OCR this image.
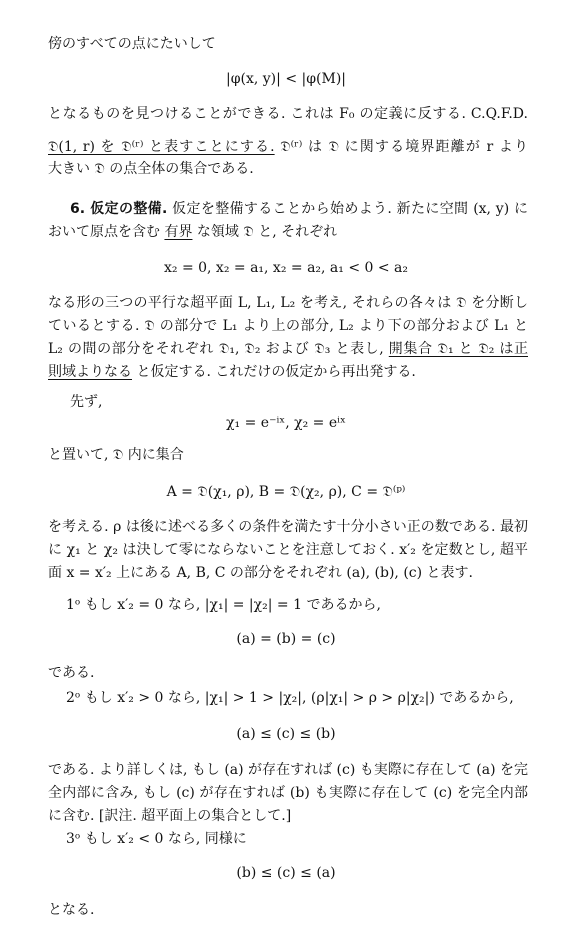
傍のすべての点にたいして
|φ(x, y)| < |φ(M)|
となるものを見つけることができる. これは F₀ の定義に反する. C.Q.F.D.
𝔇(1, r) を 𝔇⁽ʳ⁾ と表すことにする. 𝔇⁽ʳ⁾ は 𝔇 に関する境界距離が r より
大きい 𝔇 の点全体の集合である.
6. 仮定の整備. 仮定を整備することから始めよう. 新たに空間 (x, y) に
おいて原点を含む 有界 な領域 𝔇 と, それぞれ
x₂ = 0, x₂ = a₁, x₂ = a₂, a₁ < 0 < a₂
なる形の三つの平行な超平面 L, L₁, L₂ を考え, それらの各々は 𝔇 を分断し
ているとする. 𝔇 の部分で L₁ より上の部分, L₂ より下の部分および L₁ と
L₂ の間の部分をそれぞれ 𝔇₁, 𝔇₂ および 𝔇₃ と表し, 開集合 𝔇₁ と 𝔇₂ は正
則域よりなる と仮定する. これだけの仮定から再出発する.
先ず,
χ₁ = e⁻ⁱˣ, χ₂ = eⁱˣ
と置いて, 𝔇 内に集合
A = 𝔇(χ₁, ρ), B = 𝔇(χ₂, ρ), C = 𝔇⁽ᵖ⁾
を考える. ρ は後に述べる多くの条件を満たす十分小さい正の数である. 最初
に χ₁ と χ₂ は決して零にならないことを注意しておく. x′₂ を定数とし, 超平
面 x = x′₂ 上にある A, B, C の部分をそれぞれ (a), (b), (c) と表す.
1ᵒ もし x′₂ = 0 なら, |χ₁| = |χ₂| = 1 であるから,
(a) = (b) = (c)
である.
2ᵒ もし x′₂ > 0 なら, |χ₁| > 1 > |χ₂|, (ρ|χ₁| > ρ > ρ|χ₂|) であるから,
(a) ≤ (c) ≤ (b)
である. より詳しくは, もし (a) が存在すれば (c) も実際に存在して (a) を完
全内部に含み, もし (c) が存在すれば (b) も実際に存在して (c) を完全内部
に含む. [訳注. 超平面上の集合として.]
3ᵒ もし x′₂ < 0 なら, 同様に
(b) ≤ (c) ≤ (a)
となる.
